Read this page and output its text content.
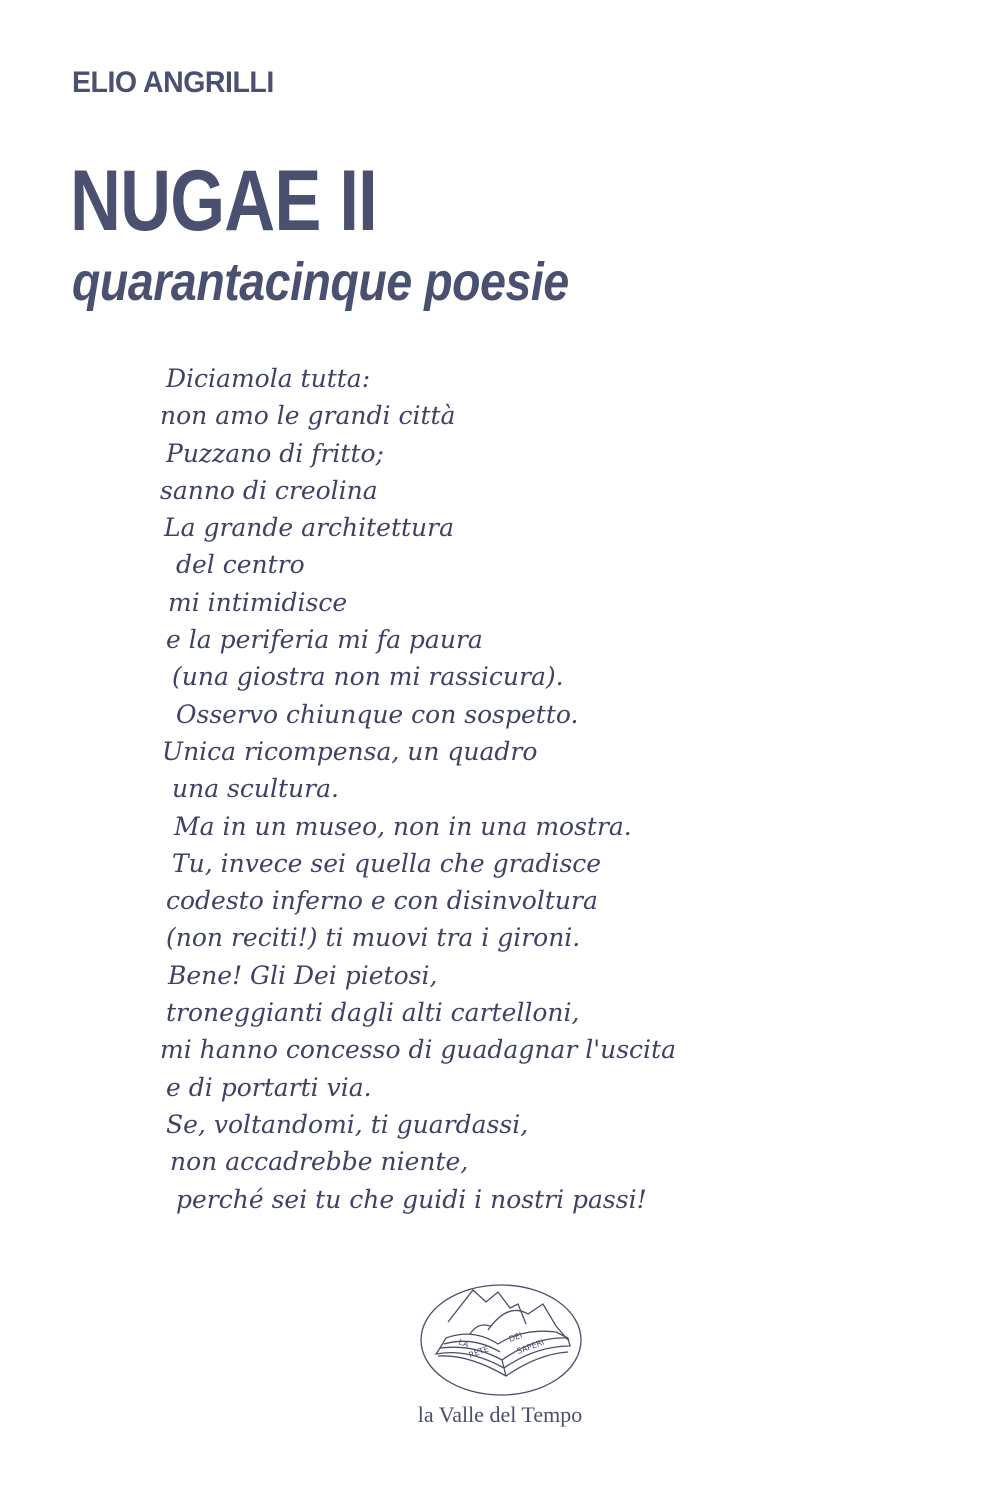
ELIO ANGRILLI
NUGAE II
quarantacinque poesie
Diciamola tutta:
non amo le grandi città
Puzzano di fritto;
sanno di creolina
La grande architettura
del centro
mi intimidisce
e la periferia mi fa paura
(una giostra non mi rassicura).
Osservo chiunque con sospetto.
Unica ricompensa, un quadro
una scultura.
Ma in un museo, non in una mostra.
Tu, invece sei quella che gradisce
codesto inferno e con disinvoltura
(non reciti!) ti muovi tra i gironi.
Bene! Gli Dei pietosi,
troneggianti dagli alti cartelloni,
mi hanno concesso di guadagnar l'uscita
e di portarti via.
Se, voltandomi, ti guardassi,
non accadrebbe niente,
perché sei tu che guidi i nostri passi!
LA
RETE
DEI
SAPERI
la Valle del Tempo
